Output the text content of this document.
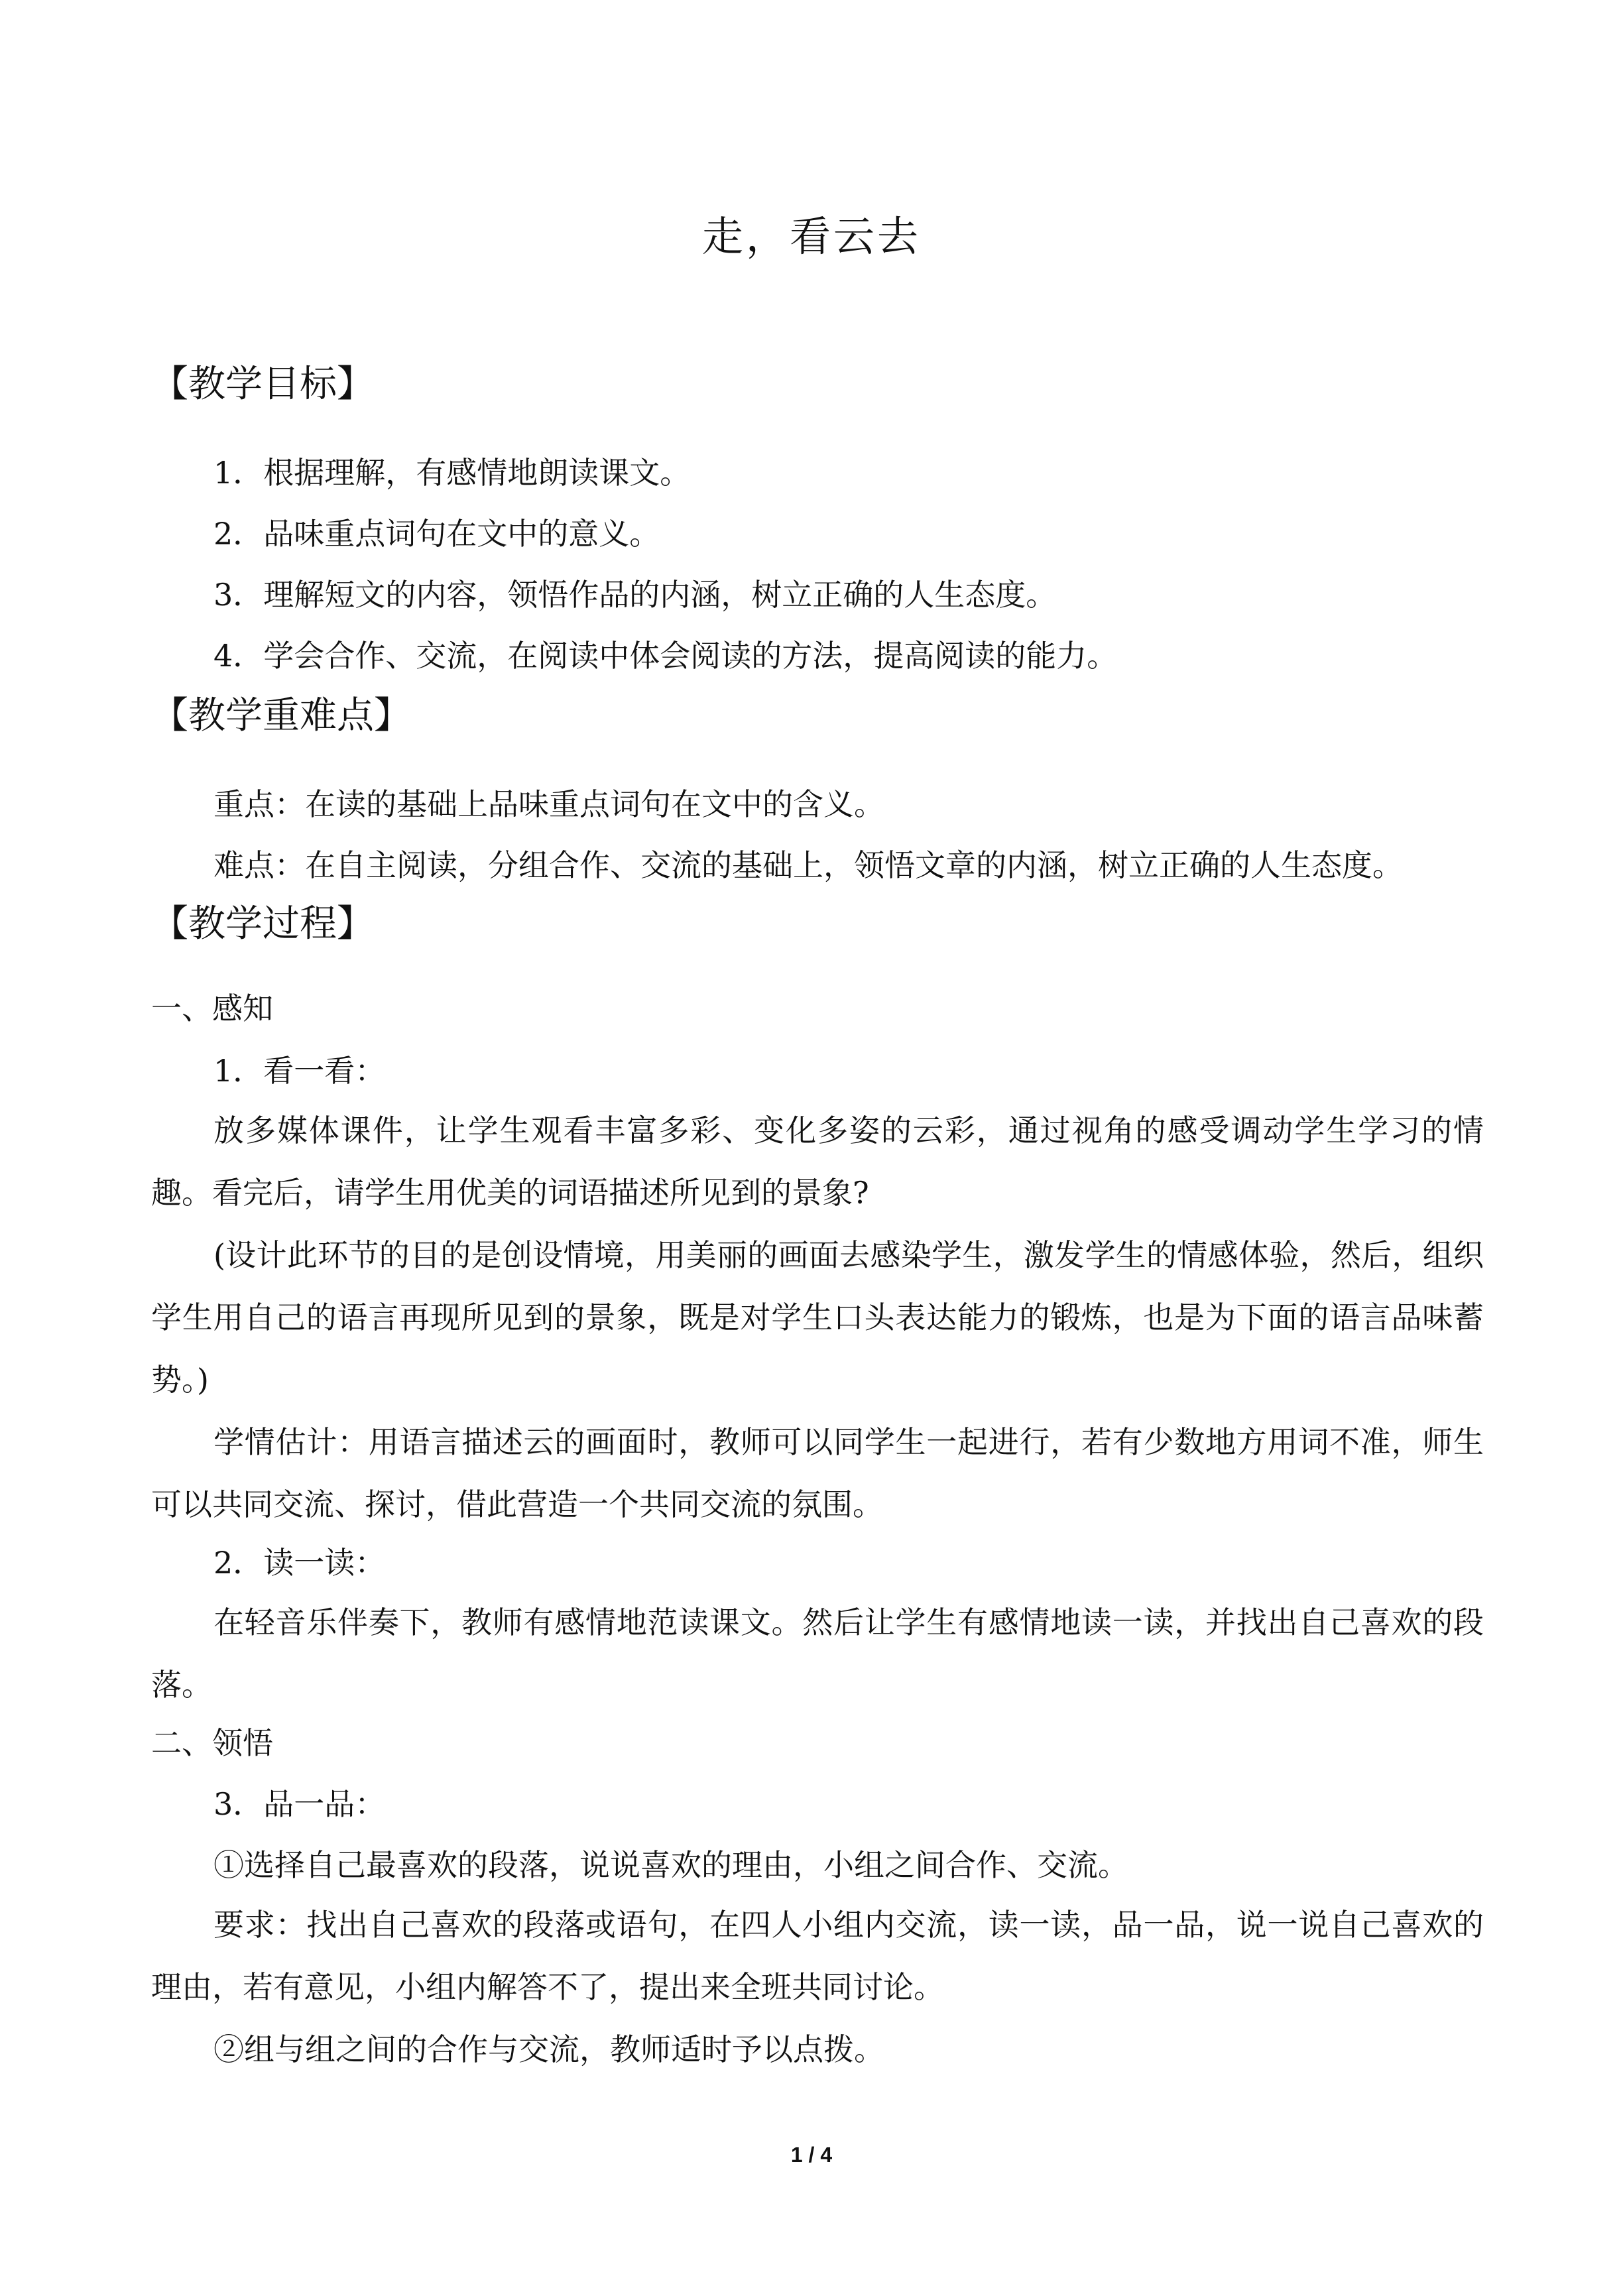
走，看云去
【教学目标】
1．根据理解，有感情地朗读课文。
2．品味重点词句在文中的意义。
3．理解短文的内容，领悟作品的内涵，树立正确的人生态度。
4．学会合作、交流，在阅读中体会阅读的方法，提高阅读的能力。
【教学重难点】
重点：在读的基础上品味重点词句在文中的含义。
难点：在自主阅读，分组合作、交流的基础上，领悟文章的内涵，树立正确的人生态度。
【教学过程】
一、感知
1．看一看：

放多媒体课件，让学生观看丰富多彩、变化多姿的云彩，通过视角的感受调动学生学习的情趣。看完后，请学生用优美的词语描述所见到的景象?

(设计此环节的目的是创设情境，用美丽的画面去感染学生，激发学生的情感体验，然后，组织学生用自己的语言再现所见到的景象，既是对学生口头表达能力的锻炼，也是为下面的语言品味蓄势。)

学情估计：用语言描述云的画面时，教师可以同学生一起进行，若有少数地方用词不准，师生可以共同交流、探讨，借此营造一个共同交流的氛围。

2．读一读：

在轻音乐伴奏下，教师有感情地范读课文。然后让学生有感情地读一读，并找出自己喜欢的段落。

二、领悟
3．品一品：
①选择自己最喜欢的段落，说说喜欢的理由，小组之间合作、交流。

要求：找出自己喜欢的段落或语句，在四人小组内交流，读一读，品一品，说一说自己喜欢的理由，若有意见，小组内解答不了，提出来全班共同讨论。

②组与组之间的合作与交流，教师适时予以点拨。
1 / 4
